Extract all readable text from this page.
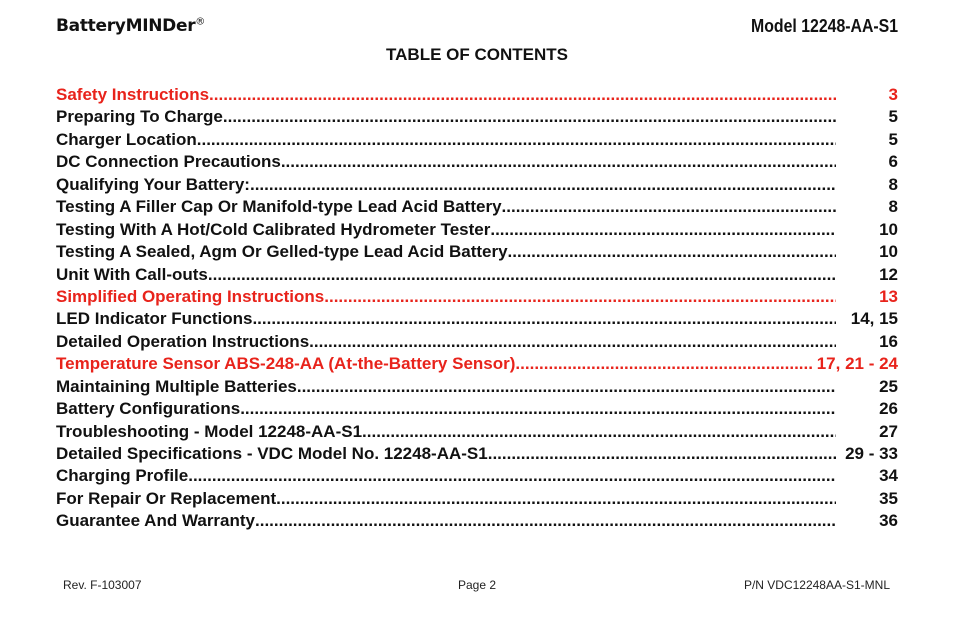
BatteryMINDer®	Model 12248-AA-S1
TABLE OF CONTENTS
Safety Instructions .....	3
Preparing To Charge .....	5
Charger Location .....	5
DC Connection Precautions .....	6
Qualifying Your Battery: .....	8
Testing A Filler Cap Or Manifold-type Lead Acid Battery .....	8
Testing With A Hot/Cold Calibrated Hydrometer Tester .....	10
Testing A Sealed, Agm Or Gelled-type Lead Acid Battery .....	10
Unit With Call-outs .....	12
Simplified Operating Instructions .....	13
LED Indicator Functions .....	14, 15
Detailed Operation Instructions .....	16
Temperature Sensor ABS-248-AA (At-the-Battery Sensor) .....	17, 21 - 24
Maintaining Multiple Batteries .....	25
Battery Configurations .....	26
Troubleshooting - Model 12248-AA-S1 .....	27
Detailed Specifications - VDC Model No. 12248-AA-S1 .....	29 - 33
Charging Profile .....	34
For Repair Or Replacement .....	35
Guarantee And Warranty .....	36
Rev. F-103007	Page 2	P/N VDC12248AA-S1-MNL
